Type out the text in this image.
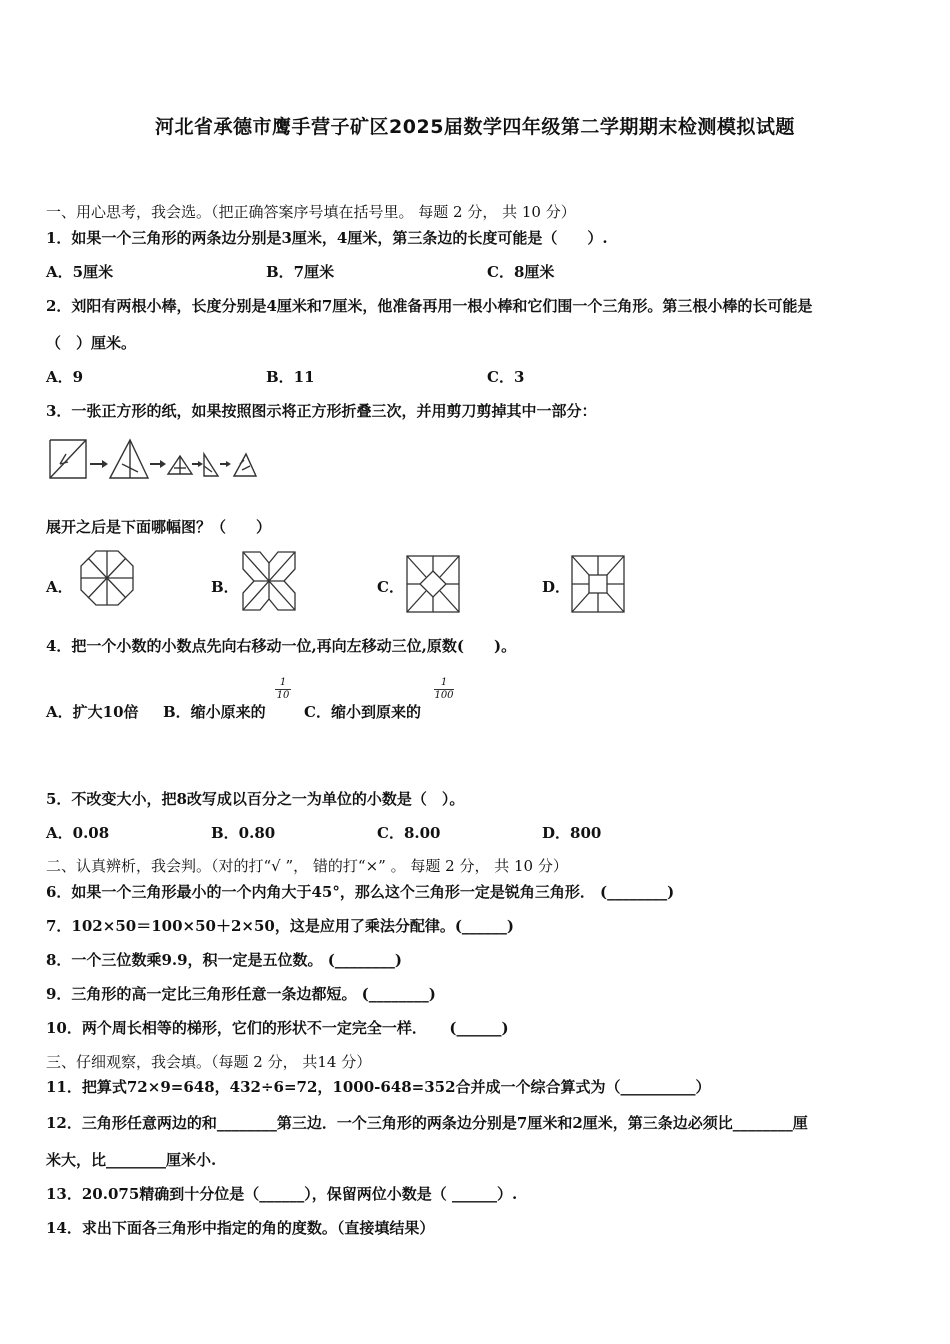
河北省承德市鹰手营子矿区2025届数学四年级第二学期期末检测模拟试题
一、用心思考，我会选。（把正确答案序号填在括号里。 每题 2 分， 共 10 分）
1．如果一个三角形的两条边分别是3厘米，4厘米，第三条边的长度可能是（　　）.
A．5厘米	B．7厘米	C．8厘米
2．刘阳有两根小棒，长度分别是4厘米和7厘米，他准备再用一根小棒和它们围一个三角形。第三根小棒的长可能是
（　）厘米。
A．9	B．11	C．3
3．一张正方形的纸，如果按照图示将正方形折叠三次，并用剪刀剪掉其中一部分：
展开之后是下面哪幅图？（　　）
A．	B．	C．	D．
4．把一个小数的小数点先向右移动一位,再向左移动三位,原数(　　)。
A．扩大10倍 B．缩小原来的
1
10
C．缩小到原来的
1
100
5．不改变大小，把8改写成以百分之一为单位的小数是（　）。
A．0.08	B．0.80	C．8.00	D．800
二、认真辨析，我会判。（对的打“√ ”， 错的打“×” 。 每题 2 分， 共 10 分）
6．如果一个三角形最小的一个内角大于45°，那么这个三角形一定是锐角三角形． (________)
7．102×50＝100×50＋2×50，这是应用了乘法分配律。(______)
8．一个三位数乘9.9，积一定是五位数。 (________)
9．三角形的高一定比三角形任意一条边都短。 (________)
10．两个周长相等的梯形，它们的形状不一定完全一样．　　(______)
三、仔细观察，我会填。（每题 2 分， 共14 分）
11．把算式72×9=648，432÷6=72，1000-648=352合并成一个综合算式为（__________）
12．三角形任意两边的和________第三边．一个三角形的两条边分别是7厘米和2厘米，第三条边必须比________厘
米大，比________厘米小.
13．20.075精确到十分位是（______），保留两位小数是（ ______）.
14．求出下面各三角形中指定的角的度数。（直接填结果）
